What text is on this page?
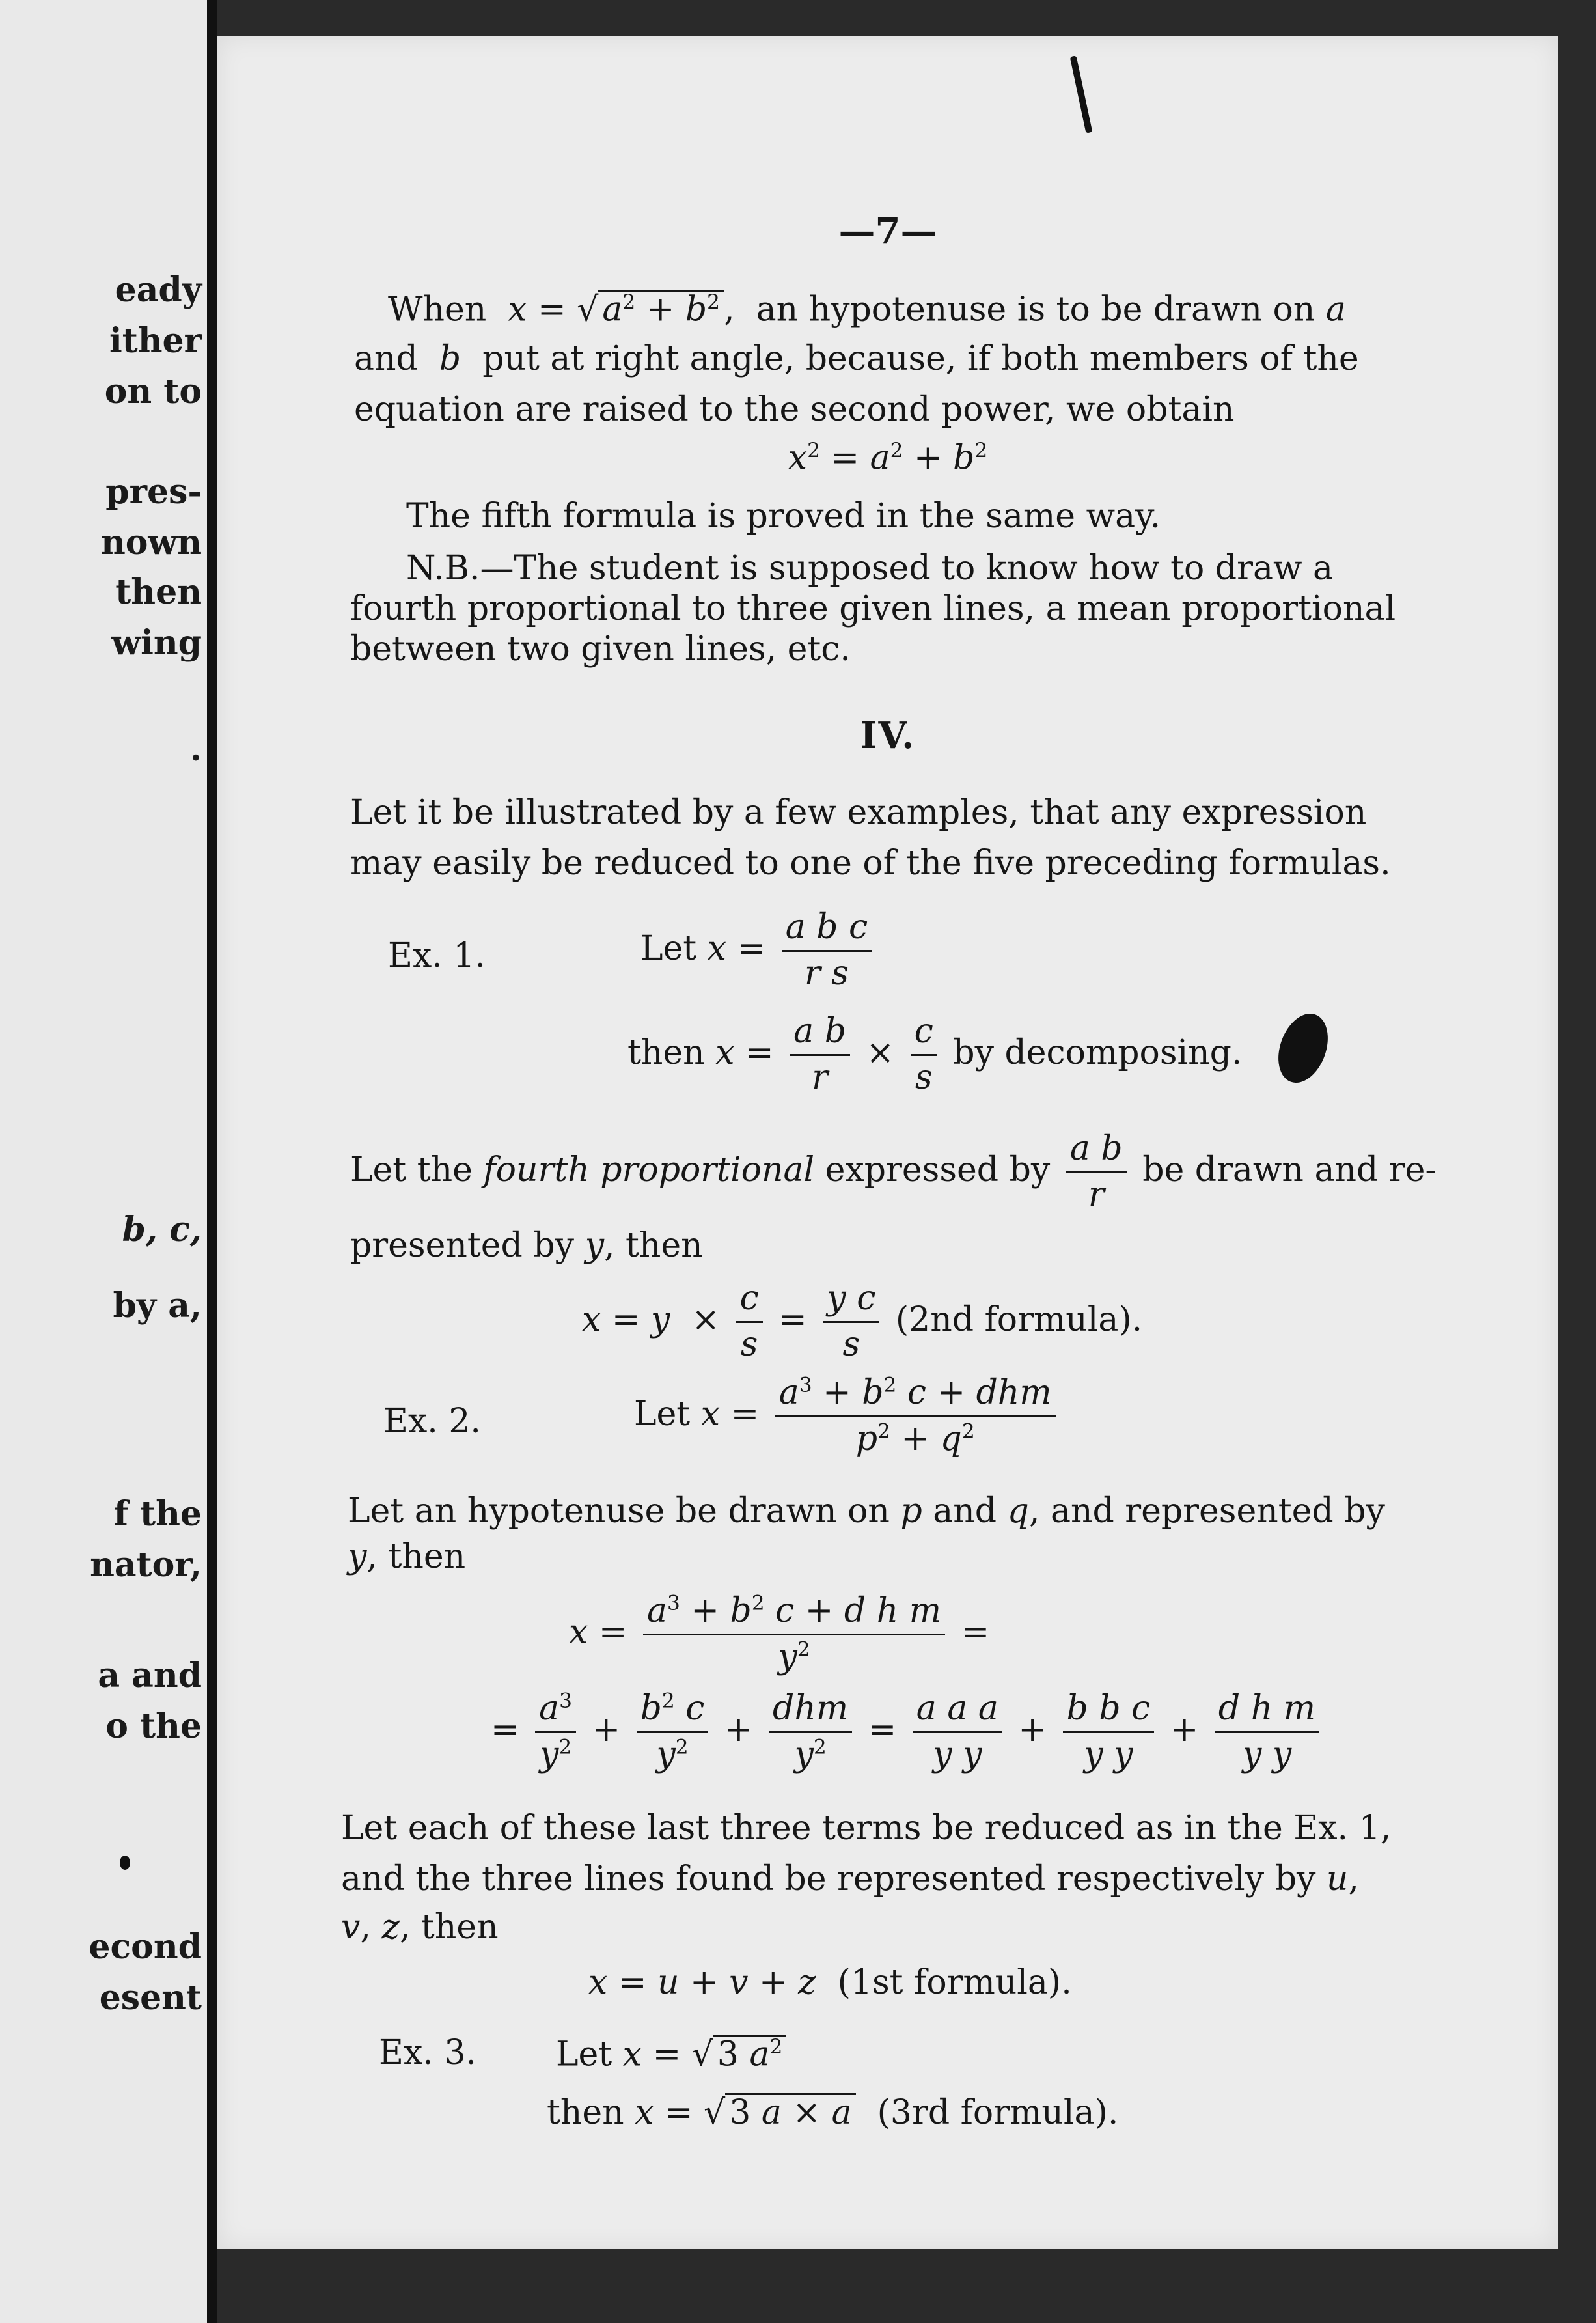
eady
ither
on to
pres-
nown
then
wing
.
b, c,
by a,
f the
nator,
a and
o the
econd
esent
—7—
When x = √ $a^2 + b^2$ ,  an hypotenuse is to be drawn on a
and b put at right angle, because, if both members of the
equation are raised to the second power, we obtain
$x^2 = a^2 + b^2$
The fifth formula is proved in the same way.
N.B.—The student is supposed to know how to draw a
fourth proportional to three given lines, a mean proportional
between two given lines, etc.
IV.
Let it be illustrated by a few examples, that any expression
may easily be reduced to one of the five preceding formulas.
Ex. 1.	Let $x = \frac{\text{a b c}}{\text{r s}}$
then $x = \frac{\text{a b}}{r} \times \frac{c}{s}$ by decomposing.
Let the fourth proportional expressed by $\frac{\text{a b}}{r}$ be drawn and re-
presented by y, then
$x = y \times \frac{c}{s} = \frac{\text{y c}}{s} (2nd$ formula).
Ex. 2.	Let $x = \frac{a^3 + b^2 c + dhm}{p^2 + q^2}$
Let an hypotenuse be drawn on p and q, and represented by
y, then
$x = \frac{a^3 + b^2 c + d h m}{y^2}$ =
= $\frac{a^3}{y^2} + \frac{b^2 c}{y^2} + \frac{\text{dhm}}{y^2} = \frac{\text{a a a}}{\text{y y}} + \frac{\text{b b c}}{\text{y y}} + \frac{\text{d h m}}{\text{y y}}$
Let each of these last three terms be reduced as in the Ex. 1,
and the three lines found be represented respectively by u,
v, z, then
x = u + v + z (1st formula).
Ex. 3. Let x = √ 3 $a^2$
then x = √ 3 a × a (3rd formula).
